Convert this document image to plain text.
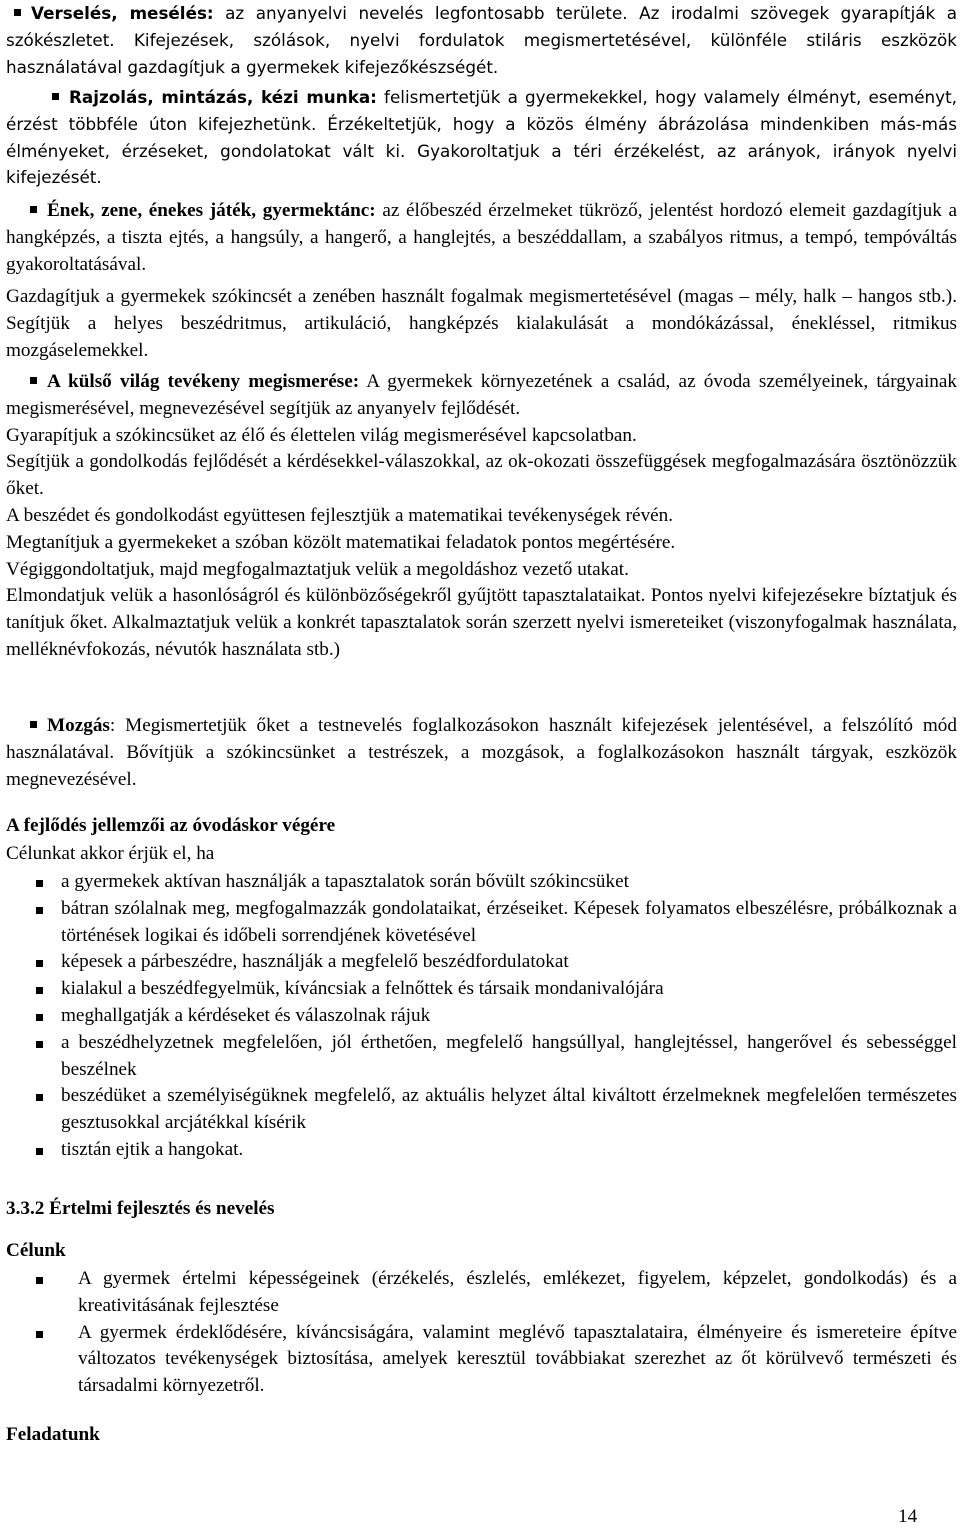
Verselés, mesélés: az anyanyelvi nevelés legfontosabb területe. Az irodalmi szövegek gyarapítják a szókészletet. Kifejezések, szólások, nyelvi fordulatok megismertetésével, különféle stiláris eszközök használatával gazdagítjuk a gyermekek kifejezőkészségét.

Rajzolás, mintázás, kézi munka: felismertetjük a gyermekekkel, hogy valamely élményt, eseményt, érzést többféle úton kifejezhetünk. Érzékeltetjük, hogy a közös élmény ábrázolása mindenkiben más-más élményeket, érzéseket, gondolatokat vált ki. Gyakoroltatjuk a téri érzékelést, az arányok, irányok nyelvi kifejezését.

Ének, zene, énekes játék, gyermektánc: az élőbeszéd érzelmeket tükröző, jelentést hordozó elemeit gazdagítjuk a hangképzés, a tiszta ejtés, a hangsúly, a hangerő, a hanglejtés, a beszéddallam, a szabályos ritmus, a tempó, tempóváltás gyakoroltatásával.

Gazdagítjuk a gyermekek szókincsét a zenében használt fogalmak megismertetésével (magas – mély, halk – hangos stb.). Segítjük a helyes beszédritmus, artikuláció, hangképzés kialakulását a mondókázással, énekléssel, ritmikus mozgáselemekkel.

A külső világ tevékeny megismerése: A gyermekek környezetének a család, az óvoda személyeinek, tárgyainak megismerésével, megnevezésével segítjük az anyanyelv fejlődését.

Gyarapítjuk a szókincsüket az élő és élettelen világ megismerésével kapcsolatban.

Segítjük a gondolkodás fejlődését a kérdésekkel-válaszokkal, az ok-okozati összefüggések megfogalmazására ösztönözzük őket.

A beszédet és gondolkodást együttesen fejlesztjük a matematikai tevékenységek révén.

Megtanítjuk a gyermekeket a szóban közölt matematikai feladatok pontos megértésére.

Végiggondoltatjuk, majd megfogalmaztatjuk velük a megoldáshoz vezető utakat.

Elmondatjuk velük a hasonlóságról és különbözőségekről gyűjtött tapasztalataikat. Pontos nyelvi kifejezésekre bíztatjuk és tanítjuk őket. Alkalmaztatjuk velük a konkrét tapasztalatok során szerzett nyelvi ismereteiket (viszonyfogalmak használata, melléknévfokozás, névutók használata stb.)

Mozgás: Megismertetjük őket a testnevelés foglalkozásokon használt kifejezések jelentésével, a felszólító mód használatával. Bővítjük a szókincsünket a testrészek, a mozgások, a foglalkozásokon használt tárgyak, eszközök megnevezésével.

A fejlődés jellemzői az óvodáskor végére

Célunkat akkor érjük el, ha

a gyermekek aktívan használják a tapasztalatok során bővült szókincsüket
bátran szólalnak meg, megfogalmazzák gondolataikat, érzéseiket. Képesek folyamatos elbeszélésre, próbálkoznak a történések logikai és időbeli sorrendjének követésével
képesek a párbeszédre, használják a megfelelő beszédfordulatokat
kialakul a beszédfegyelmük, kíváncsiak a felnőttek és társaik mondanivalójára
meghallgatják a kérdéseket és válaszolnak rájuk
a beszédhelyzetnek megfelelően, jól érthetően, megfelelő hangsúllyal, hanglejtéssel, hangerővel és sebességgel beszélnek
beszédüket a személyiségüknek megfelelő, az aktuális helyzet által kiváltott érzelmeknek megfelelően természetes gesztusokkal arcjátékkal kísérik
tisztán ejtik a hangokat.

3.3.2 Értelmi fejlesztés és nevelés

Célunk

A gyermek értelmi képességeinek (érzékelés, észlelés, emlékezet, figyelem, képzelet, gondolkodás) és a kreativitásának fejlesztése
A gyermek érdeklődésére, kíváncsiságára, valamint meglévő tapasztalataira, élményeire és ismereteire építve változatos tevékenységek biztosítása, amelyek keresztül továbbiakat szerezhet az őt körülvevő természeti és társadalmi környezetről.

Feladatunk

14
